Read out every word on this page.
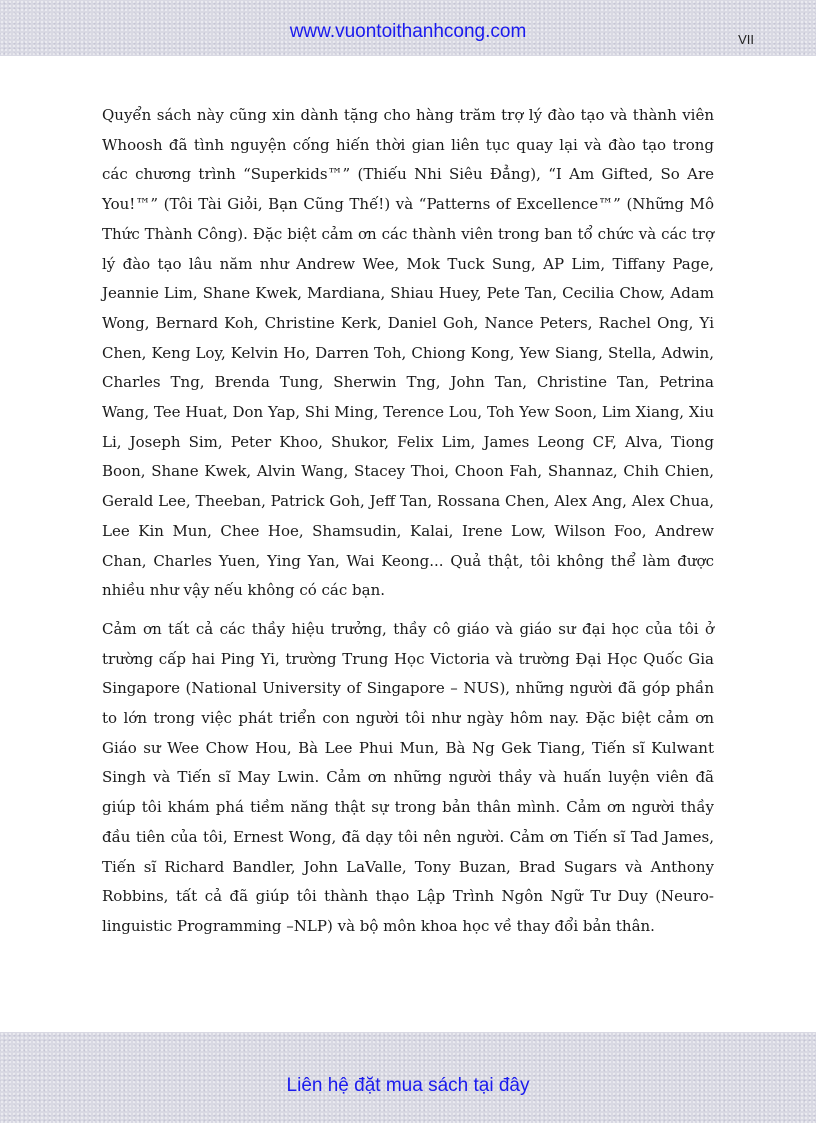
www.vuontoithanhcong.com	VII

Quyển sách này cũng xin dành tặng cho hàng trăm trợ lý đào tạo và thành viên Whoosh đã tình nguyện cống hiến thời gian liên tục quay lại và đào tạo trong các chương trình “Superkids™” (Thiếu Nhi Siêu Đẳng), “I Am Gifted, So Are You!™” (Tôi Tài Giỏi, Bạn Cũng Thế!) và “Patterns of Excellence™” (Những Mô Thức Thành Công). Đặc biệt cảm ơn các thành viên trong ban tổ chức và các trợ lý đào tạo lâu năm như Andrew Wee, Mok Tuck Sung, AP Lim, Tiffany Page, Jeannie Lim, Shane Kwek, Mardiana, Shiau Huey, Pete Tan, Cecilia Chow, Adam Wong, Bernard Koh, Christine Kerk, Daniel Goh, Nance Peters, Rachel Ong, Yi Chen, Keng Loy, Kelvin Ho, Darren Toh, Chiong Kong, Yew Siang, Stella, Adwin, Charles Tng, Brenda Tung, Sherwin Tng, John Tan, Christine Tan, Petrina Wang, Tee Huat, Don Yap, Shi Ming, Terence Lou, Toh Yew Soon, Lim Xiang, Xiu Li, Joseph Sim, Peter Khoo, Shukor, Felix Lim, James Leong CF, Alva, Tiong Boon, Shane Kwek, Alvin Wang, Stacey Thoi, Choon Fah, Shannaz, Chih Chien, Gerald Lee, Theeban, Patrick Goh, Jeff Tan, Rossana Chen, Alex Ang, Alex Chua, Lee Kin Mun, Chee Hoe, Shamsudin, Kalai, Irene Low, Wilson Foo, Andrew Chan, Charles Yuen, Ying Yan, Wai Keong... Quả thật, tôi không thể làm được nhiều như vậy nếu không có các bạn.

Cảm ơn tất cả các thầy hiệu trưởng, thầy cô giáo và giáo sư đại học của tôi ở trường cấp hai Ping Yi, trường Trung Học Victoria và trường Đại Học Quốc Gia Singapore (National University of Singapore – NUS), những người đã góp phần to lớn trong việc phát triển con người tôi như ngày hôm nay. Đặc biệt cảm ơn Giáo sư Wee Chow Hou, Bà Lee Phui Mun, Bà Ng Gek Tiang, Tiến sĩ Kulwant Singh và Tiến sĩ May Lwin. Cảm ơn những người thầy và huấn luyện viên đã giúp tôi khám phá tiềm năng thật sự trong bản thân mình. Cảm ơn người thầy đầu tiên của tôi, Ernest Wong, đã dạy tôi nên người. Cảm ơn Tiến sĩ Tad James, Tiến sĩ Richard Bandler, John LaValle, Tony Buzan, Brad Sugars và Anthony Robbins, tất cả đã giúp tôi thành thạo Lập Trình Ngôn Ngữ Tư Duy (Neuro-linguistic Programming –NLP) và bộ môn khoa học về thay đổi bản thân.

Liên hệ đặt mua sách tại đây
